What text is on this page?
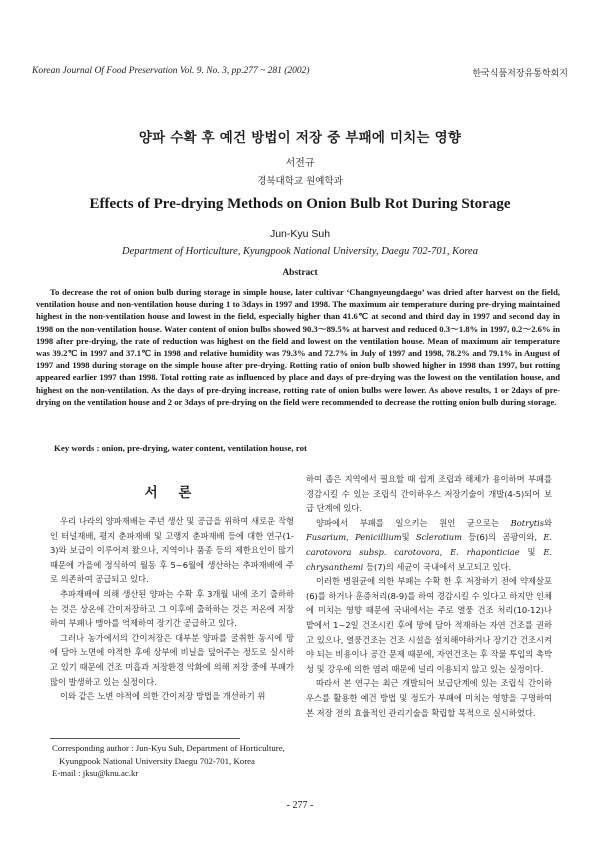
Korean Journal Of Food Preservation Vol. 9. No. 3, pp.277 ~ 281 (2002)	한국식품저장유통학회지
양파 수확 후 예건 방법이 저장 중 부패에 미치는 영향
서전규
경북대학교 원예학과
Effects of Pre-drying Methods on Onion Bulb Rot During Storage
Jun-Kyu Suh
Department of Horticulture, Kyungpook National University, Daegu 702-701, Korea
Abstract
To decrease the rot of onion bulb during storage in simple house, later cultivar ‘Changnyeungdaego’ was dried after harvest on the field, ventilation house and non-ventilation house during 1 to 3days in 1997 and 1998. The maximum air temperature during pre-drying maintained highest in the non-ventilation house and lowest in the field, especially higher than 41.6℃ at second and third day in 1997 and second day in 1998 on the non-ventilation house. Water content of onion bulbs showed 90.3～89.5% at harvest and reduced 0.3～1.8% in 1997, 0.2～2.6% in 1998 after pre-drying, the rate of reduction was highest on the field and lowest on the ventilation house. Mean of maximum air temperature was 39.2℃ in 1997 and 37.1℃ in 1998 and relative humidity was 79.3% and 72.7% in July of 1997 and 1998, 78.2% and 79.1% in August of 1997 and 1998 during storage on the simple house after pre-drying. Rotting ratio of onion bulb showed higher in 1998 than 1997, but rotting appeared earlier 1997 than 1998. Total rotting rate as influenced by place and days of pre-drying was the lowest on the ventilation house, and highest on the non-ventilation. As the days of pre-drying increase, rotting rate of onion bulbs were lower. As above results, 1 or 2days of pre-drying on the ventilation house and 2 or 3days of pre-drying on the field were recommended to decrease the rotting onion bulb during storage.
Key words : onion, pre-drying, water content, ventilation house, rot
서 론

우리 나라의 양파재배는 주년 생산 및 공급을 위하여 새로운 작형인 터널재배, 평지 춘파재배 및 고랭지 춘파재배 등에 대한 연구(1-3)와 보급이 이루어져 왔으나, 지역이나 품종 등의 제한요인이 많기 때문에 가을에 정식하여 월동 후 5~6월에 생산하는 추파재배에 주로 의존하여 공급되고 있다.

추파재배에 의해 생산된 양파는 수확 후 3개월 내에 조기 출하하는 것은 상온에 간이저장하고 그 이후에 출하하는 것은 저온에 저장하여 부패나 맹아를 억제하여 장기간 공급하고 있다.

그러나 농가에서의 간이저장은 대부분 양파를 굴취한 동시에 망에 담아 노면에 야적한 후에 상부에 비닐을 덮어주는 정도로 실시하고 있기 때문에 건조 미흡과 저장환경 악화에 의해 저장 중에 부패가 많이 발생하고 있는 실정이다.

이와 같은 노변 야적에 의한 간이저장 방법을 개선하기 위

하여 좁은 지역에서 필요할 때 쉽게 조립과 해체가 용이하며 부패를 경감시킬 수 있는 조립식 간이하우스 저장기술이 개발(4-5)되어 보급 단계에 있다.

양파에서 부패를 일으키는 원인 균으로는 Botrytis와 Fusarium, Penicillium및 Sclerotium 등(6)의 곰팡이와, E. carotovora subsp. carotovora, E. rhaponticiae 및 E. chrysanthemi 등(7)의 세균이 국내에서 보고되고 있다.

이러한 병원균에 의한 부패는 수확 한 후 저장하기 전에 약제살포(6)를 하거나 훈증처리(8-9)를 하여 경감시킬 수 있다고 하지만 인체에 미치는 영향 때문에 국내에서는 주로 열풍 건조 처리(10-12)나 밭에서 1~2일 건조시킨 후에 망에 담아 적재하는 자연 건조를 권하고 있으나, 열풍건조는 건조 시설을 설치해야하거나 장기간 건조시켜야 되는 비용이나 공간 문제 때문에, 자연건조는 후 작물 투입의 촉박성 및 강우에 의한 염려 때문에 널리 이용되지 않고 있는 실정이다.

따라서 본 연구는 최근 개발되어 보급단계에 있는 조립식 간이하우스를 활용한 예건 방법 및 정도가 부패에 미치는 영향을 구명하여 본 저장 전의 효율적인 관리기술을 확립할 목적으로 실시하였다.

Corresponding author : Jun-Kyu Suh, Department of Horticulture,
Kyungpook National University Daegu 702-701, Korea
E-mail : jksu@knu.ac.kr
- 277 -
